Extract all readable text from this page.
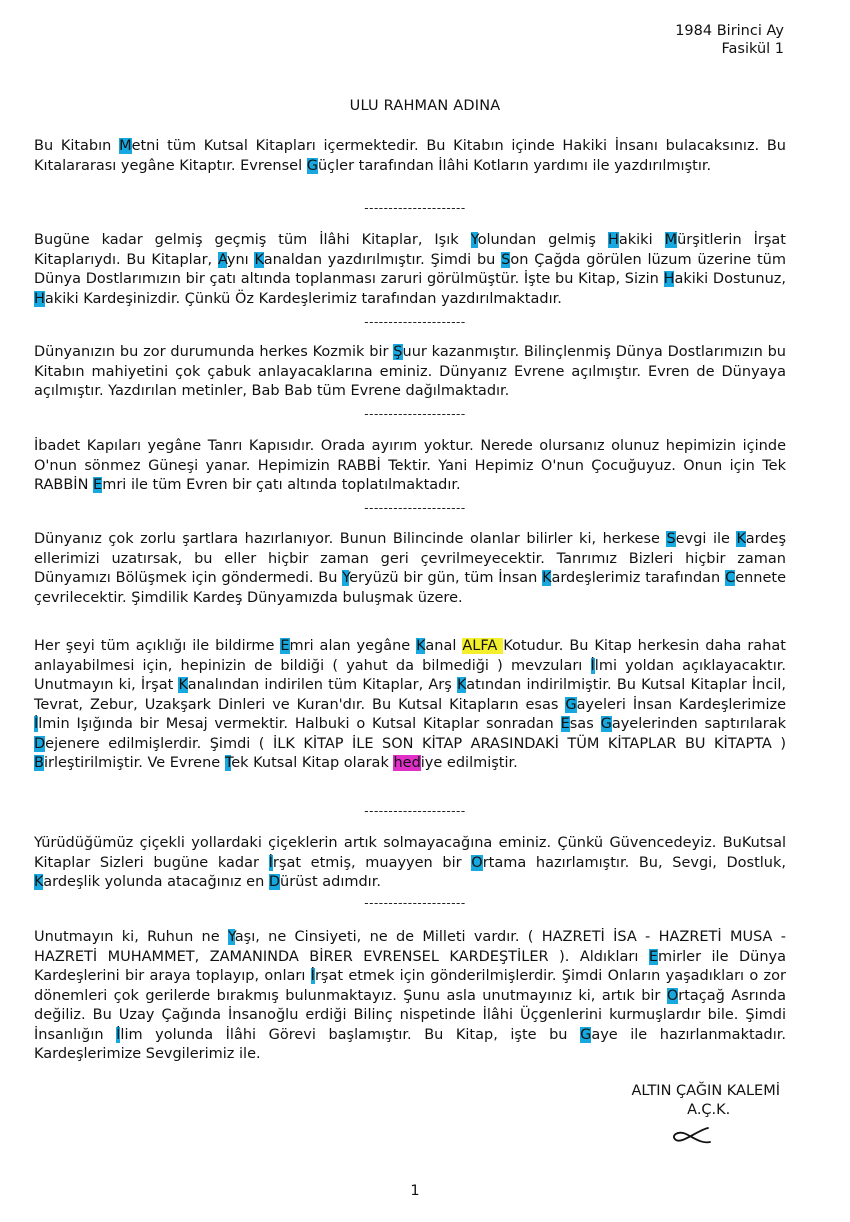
1984 Birinci Ay
Fasikül 1
ULU RAHMAN ADINA
Bu Kitabın Metni tüm Kutsal Kitapları içermektedir. Bu Kitabın içinde Hakiki İnsanı bulacaksınız. Bu Kıtalararası yegâne Kitaptır. Evrensel Güçler tarafından İlâhi Kotların yardımı ile yazdırılmıştır.
---------------------
Bugüne kadar gelmiş geçmiş tüm İlâhi Kitaplar, Işık Yolundan gelmiş Hakiki Mürşitlerin İrşat Kitaplarıydı. Bu Kitaplar, Aynı Kanaldan yazdırılmıştır. Şimdi bu Son Çağda görülen lüzum üzerine tüm Dünya Dostlarımızın bir çatı altında toplanması zaruri görülmüştür. İşte bu Kitap, Sizin Hakiki Dostunuz, Hakiki Kardeşinizdir. Çünkü Öz Kardeşlerimiz tarafından yazdırılmaktadır.
---------------------
Dünyanızın bu zor durumunda herkes Kozmik bir Şuur kazanmıştır. Bilinçlenmiş Dünya Dostlarımızın bu Kitabın mahiyetini çok çabuk anlayacaklarına eminiz. Dünyanız Evrene açılmıştır. Evren de Dünyaya açılmıştır. Yazdırılan metinler, Bab Bab tüm Evrene dağılmaktadır.
---------------------
İbadet Kapıları yegâne Tanrı Kapısıdır. Orada ayırım yoktur. Nerede olursanız olunuz hepimizin içinde O'nun sönmez Güneşi yanar. Hepimizin RABBİ Tektir. Yani Hepimiz O'nun Çocuğuyuz. Onun için Tek RABBİN Emri ile tüm Evren bir çatı altında toplatılmaktadır.
---------------------
Dünyanız çok zorlu şartlara hazırlanıyor. Bunun Bilincinde olanlar bilirler ki, herkese Sevgi ile Kardeş ellerimizi uzatırsak, bu eller hiçbir zaman geri çevrilmeyecektir. Tanrımız Bizleri hiçbir zaman Dünyamızı Bölüşmek için göndermedi. Bu Yeryüzü bir gün, tüm İnsan Kardeşlerimiz tarafından Cennete çevrilecektir. Şimdilik Kardeş Dünyamızda buluşmak üzere.
Her şeyi tüm açıklığı ile bildirme Emri alan yegâne Kanal ALFA Kotudur. Bu Kitap herkesin daha rahat anlayabilmesi için, hepinizin de bildiği ( yahut da bilmediği ) mevzuları İlmi yoldan açıklayacaktır. Unutmayın ki, İrşat Kanalından indirilen tüm Kitaplar, Arş Katından indirilmiştir. Bu Kutsal Kitaplar İncil, Tevrat, Zebur, Uzakşark Dinleri ve Kuran'dır. Bu Kutsal Kitapların esas Gayeleri İnsan Kardeşlerimize İlmin Işığında bir Mesaj vermektir. Halbuki o Kutsal Kitaplar sonradan Esas Gayelerinden saptırılarak Dejenere edilmişlerdir. Şimdi ( İLK KİTAP İLE SON KİTAP ARASINDAKİ TÜM KİTAPLAR BU KİTAPTA ) Birleştirilmiştir. Ve Evrene Tek Kutsal Kitap olarak hediye edilmiştir.
---------------------
Yürüdüğümüz çiçekli yollardaki çiçeklerin artık solmayacağına eminiz. Çünkü Güvencedeyiz. BuKutsal Kitaplar Sizleri bugüne kadar İrşat etmiş, muayyen bir Ortama hazırlamıştır. Bu, Sevgi, Dostluk, Kardeşlik yolunda atacağınız en Dürüst adımdır.
---------------------
Unutmayın ki, Ruhun ne Yaşı, ne Cinsiyeti, ne de Milleti vardır. ( HAZRETİ İSA - HAZRETİ MUSA - HAZRETİ MUHAMMET, ZAMANINDA BİRER EVRENSEL KARDEŞTİLER ). Aldıkları Emirler ile Dünya Kardeşlerini bir araya toplayıp, onları İrşat etmek için gönderilmişlerdir. Şimdi Onların yaşadıkları o zor dönemleri çok gerilerde bırakmış bulunmaktayız. Şunu asla unutmayınız ki, artık bir Ortaçağ Asrında değiliz. Bu Uzay Çağında İnsanoğlu erdiği Bilinç nispetinde İlâhi Üçgenlerini kurmuşlardır bile. Şimdi İnsanlığın İlim yolunda İlâhi Görevi başlamıştır. Bu Kitap, işte bu Gaye ile hazırlanmaktadır. Kardeşlerimize Sevgilerimiz ile.
ALTIN ÇAĞIN KALEMİ

A.Ç.K.
1
